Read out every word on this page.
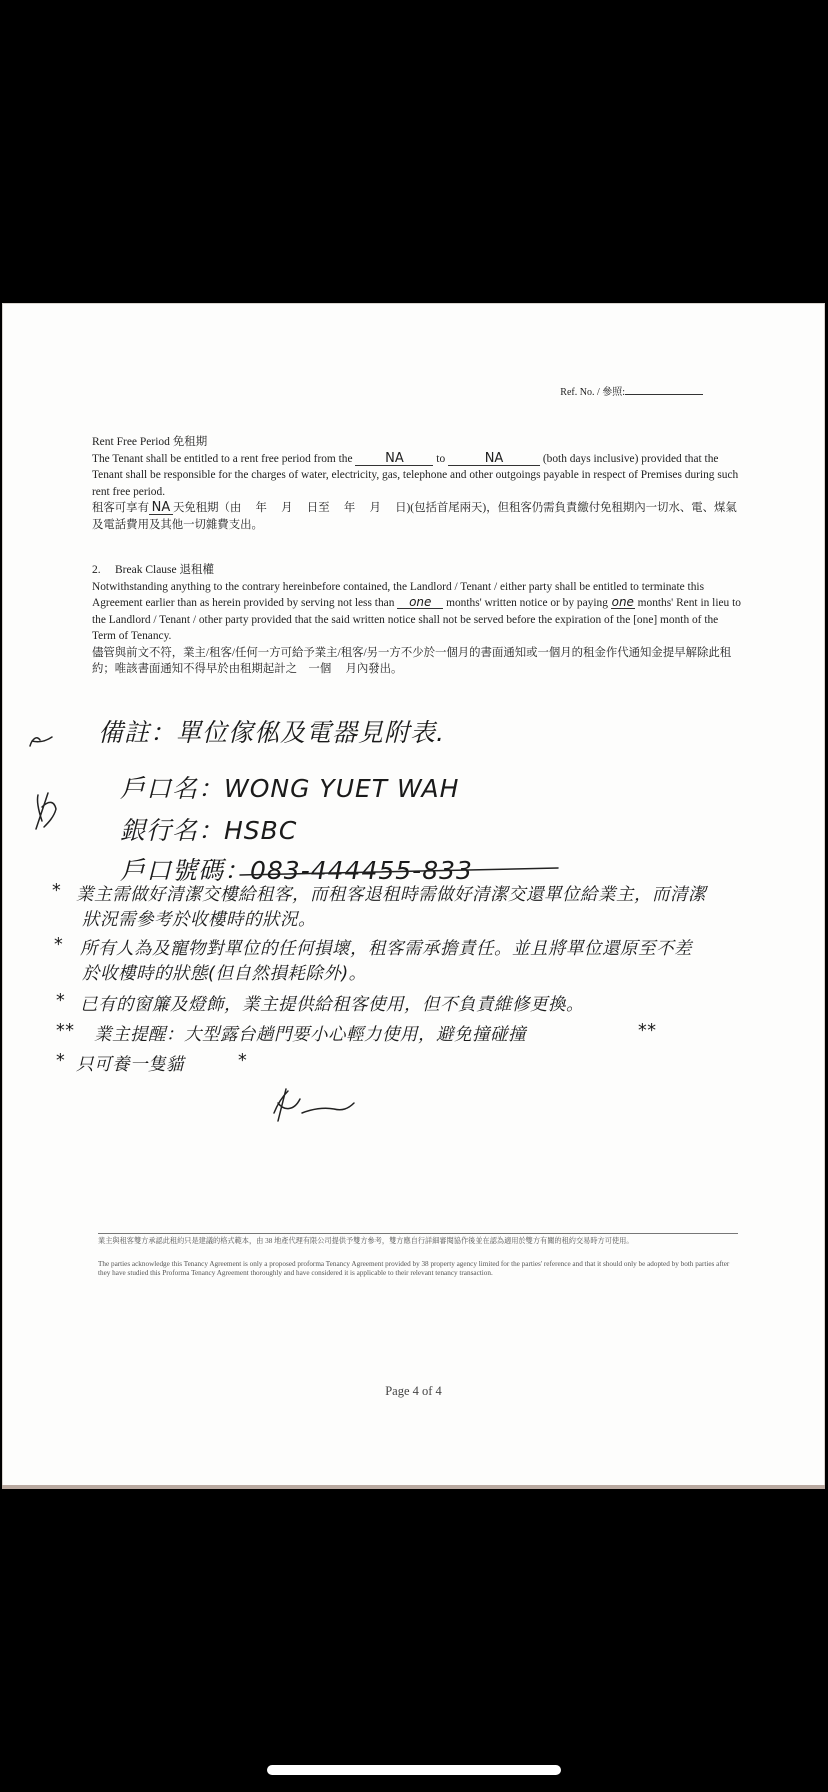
Ref. No. / 參照:

Rent Free Period 免租期

The Tenant shall be entitled to a rent free period from the	NA	to	NA	(both days inclusive) provided that the Tenant shall be responsible for the charges of water, electricity, gas, telephone and other outgoings payable in respect of Premises during such rent free period.

租客可享有 NA 天免租期（由　 年　 月　 日至　 年　 月　 日)(包括首尾兩天)，但租客仍需負責繳付免租期內一切水、電、煤氣及電話費用及其他一切雜費支出。

2.　 Break Clause 退租權

Notwithstanding anything to the contrary hereinbefore contained, the Landlord / Tenant / either party shall be entitled to terminate this Agreement earlier than as herein provided by serving not less than one months' written notice or by paying one months' Rent in lieu to the Landlord / Tenant / other party provided that the said written notice shall not be served before the expiration of the [one] month of the Term of Tenancy.

儘管與前文不符，業主/租客/任何一方可給予業主/租客/另一方不少於一個月的書面通知或一個月的租金作代通知金提早解除此租約；唯該書面通知不得早於由租期起計之　一個　 月內發出。

備註：單位傢俬及電器見附表.
戶口名：WONG YUET WAH
銀行名：HSBC
戶口號碼：083-444455-833
* 業主需做好清潔交樓給租客，而租客退租時需做好清潔交還單位給業主，而清潔
狀況需參考於收樓時的狀況。
* 所有人為及寵物對單位的任何損壞，租客需承擔責任。並且將單位還原至不差
於收樓時的狀態(但自然損耗除外)。
* 已有的窗簾及燈飾，業主提供給租客使用，但不負責維修更換。
** 業主提醒：大型露台趟門要小心輕力使用，避免撞碰撞	**
* 只可養一隻貓	*
業主與租客雙方承認此租約只是建議的格式範本，由 38 地產代理有限公司提供予雙方參考，雙方應自行詳細審閱協作後並在認為適用於雙方有關的租約交易時方可使用。
The parties acknowledge this Tenancy Agreement is only a proposed proforma Tenancy Agreement provided by 38 property agency limited for the parties' reference and that it should only be adopted by both parties after they have studied this Proforma Tenancy Agreement thoroughly and have considered it is applicable to their relevant tenancy transaction.
Page 4 of 4
